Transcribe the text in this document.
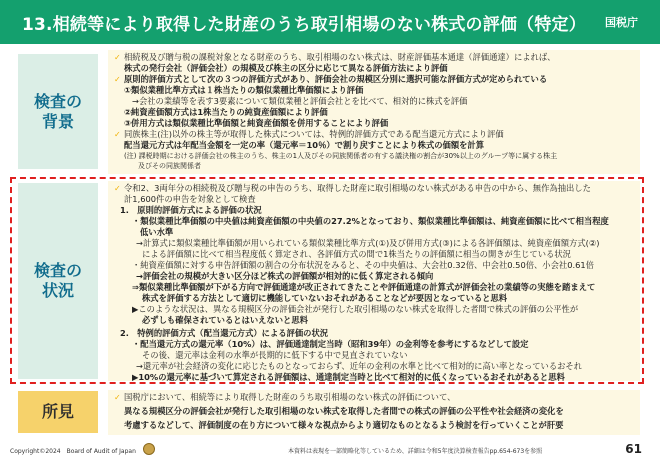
13.相続等により取得した財産のうち取引相場のない株式の評価（特定） 国税庁
検査の
背景
✓ 相続税及び贈与税の課税対象となる財産のうち、取引相場のない株式は、財産評価基本通達（評価通達）によれば、
株式の発行会社（評価会社）の規模及び株主の区分に応じて異なる評価方法により評価
✓ 原則的評価方式として次の３つの評価方式があり、評価会社の規模区分別に選択可能な評価方式が定められている
①類似業種比準方式は１株当たりの類似業種比準価額により評価
→会社の業績等を表す3要素について類似業種と評価会社とを比べて、相対的に株式を評価
②純資産価額方式は1株当たりの純資産価額により評価
③併用方式は類似業種比準価額と純資産価額を併用することにより評価
✓ 同族株主(注)以外の株主等が取得した株式については、特例的評価方式である配当還元方式により評価
配当還元方式は年配当金額を一定の率（還元率＝10％）で割り戻すことにより株式の価額を計算
(注) 課税時期における評価会社の株主のうち、株主の1人及びその同族関係者の有する議決権の割合が30%以上のグループ等に属する株主
及びその同族関係者
検査の
状況
✓ 令和2、3両年分の相続税及び贈与税の申告のうち、取得した財産に取引相場のない株式がある申告の中から、無作為抽出した
計1,600件の申告を対象として検査
1.　原則的評価方式による評価の状況
・類似業種比準価額の中央値は純資産価額の中央値の27.2%となっており、類似業種比準価額は、純資産価額に比べて相当程度
低い水準
→計算式に類似業種比準価額が用いられている類似業種比準方式(①)及び併用方式(③)による各評価額は、純資産価額方式(②)
による評価額に比べて相当程度低く算定され、各評価方式の間で1株当たりの評価額に相当の開きが生じている状況
・純資産価額に対する申告評価額の割合の分布状況をみると、その中央値は、大会社0.32倍、中会社0.50倍、小会社0.61倍
→評価会社の規模が大きい区分ほど株式の評価額が相対的に低く算定される傾向
⇒類似業種比準価額が下がる方向で評価通達が改正されてきたことや評価通達の計算式が評価会社の業績等の実態を踏まえて
株式を評価する方法として適切に機能していないおそれがあることなどが要因となっていると思料
▶このような状況は、異なる規模区分の評価会社が発行した取引相場のない株式を取得した者間で株式の評価の公平性が
必ずしも確保されているとはいえないと思料
2.　特例的評価方式（配当還元方式）による評価の状況
・配当還元方式の還元率（10%）は、評価通達制定当時（昭和39年）の金利等を参考にするなどして設定
その後、還元率は金利の水準が長期的に低下する中で見直されていない
→還元率が社会経済の変化に応じたものとなっておらず、近年の金利の水準と比べて相対的に高い率となっているおそれ
▶10%の還元率に基づいて算定される評価額は、通達制定当時と比べて相対的に低くなっているおそれがあると思料
所見
✓ 国税庁において、相続等により取得した財産のうち取引相場のない株式の評価について、
異なる規模区分の評価会社が発行した取引相場のない株式を取得した者間での株式の評価の公平性や社会経済の変化を
考慮するなどして、評価制度の在り方について様々な視点からより適切なものとなるよう検討を行っていくことが肝要
Copyright©2024　Board of Audit of Japan	本資料は表現を一部簡略化等しているため、詳細は令和5年度決算検査報告pp.654-673を参照	61
